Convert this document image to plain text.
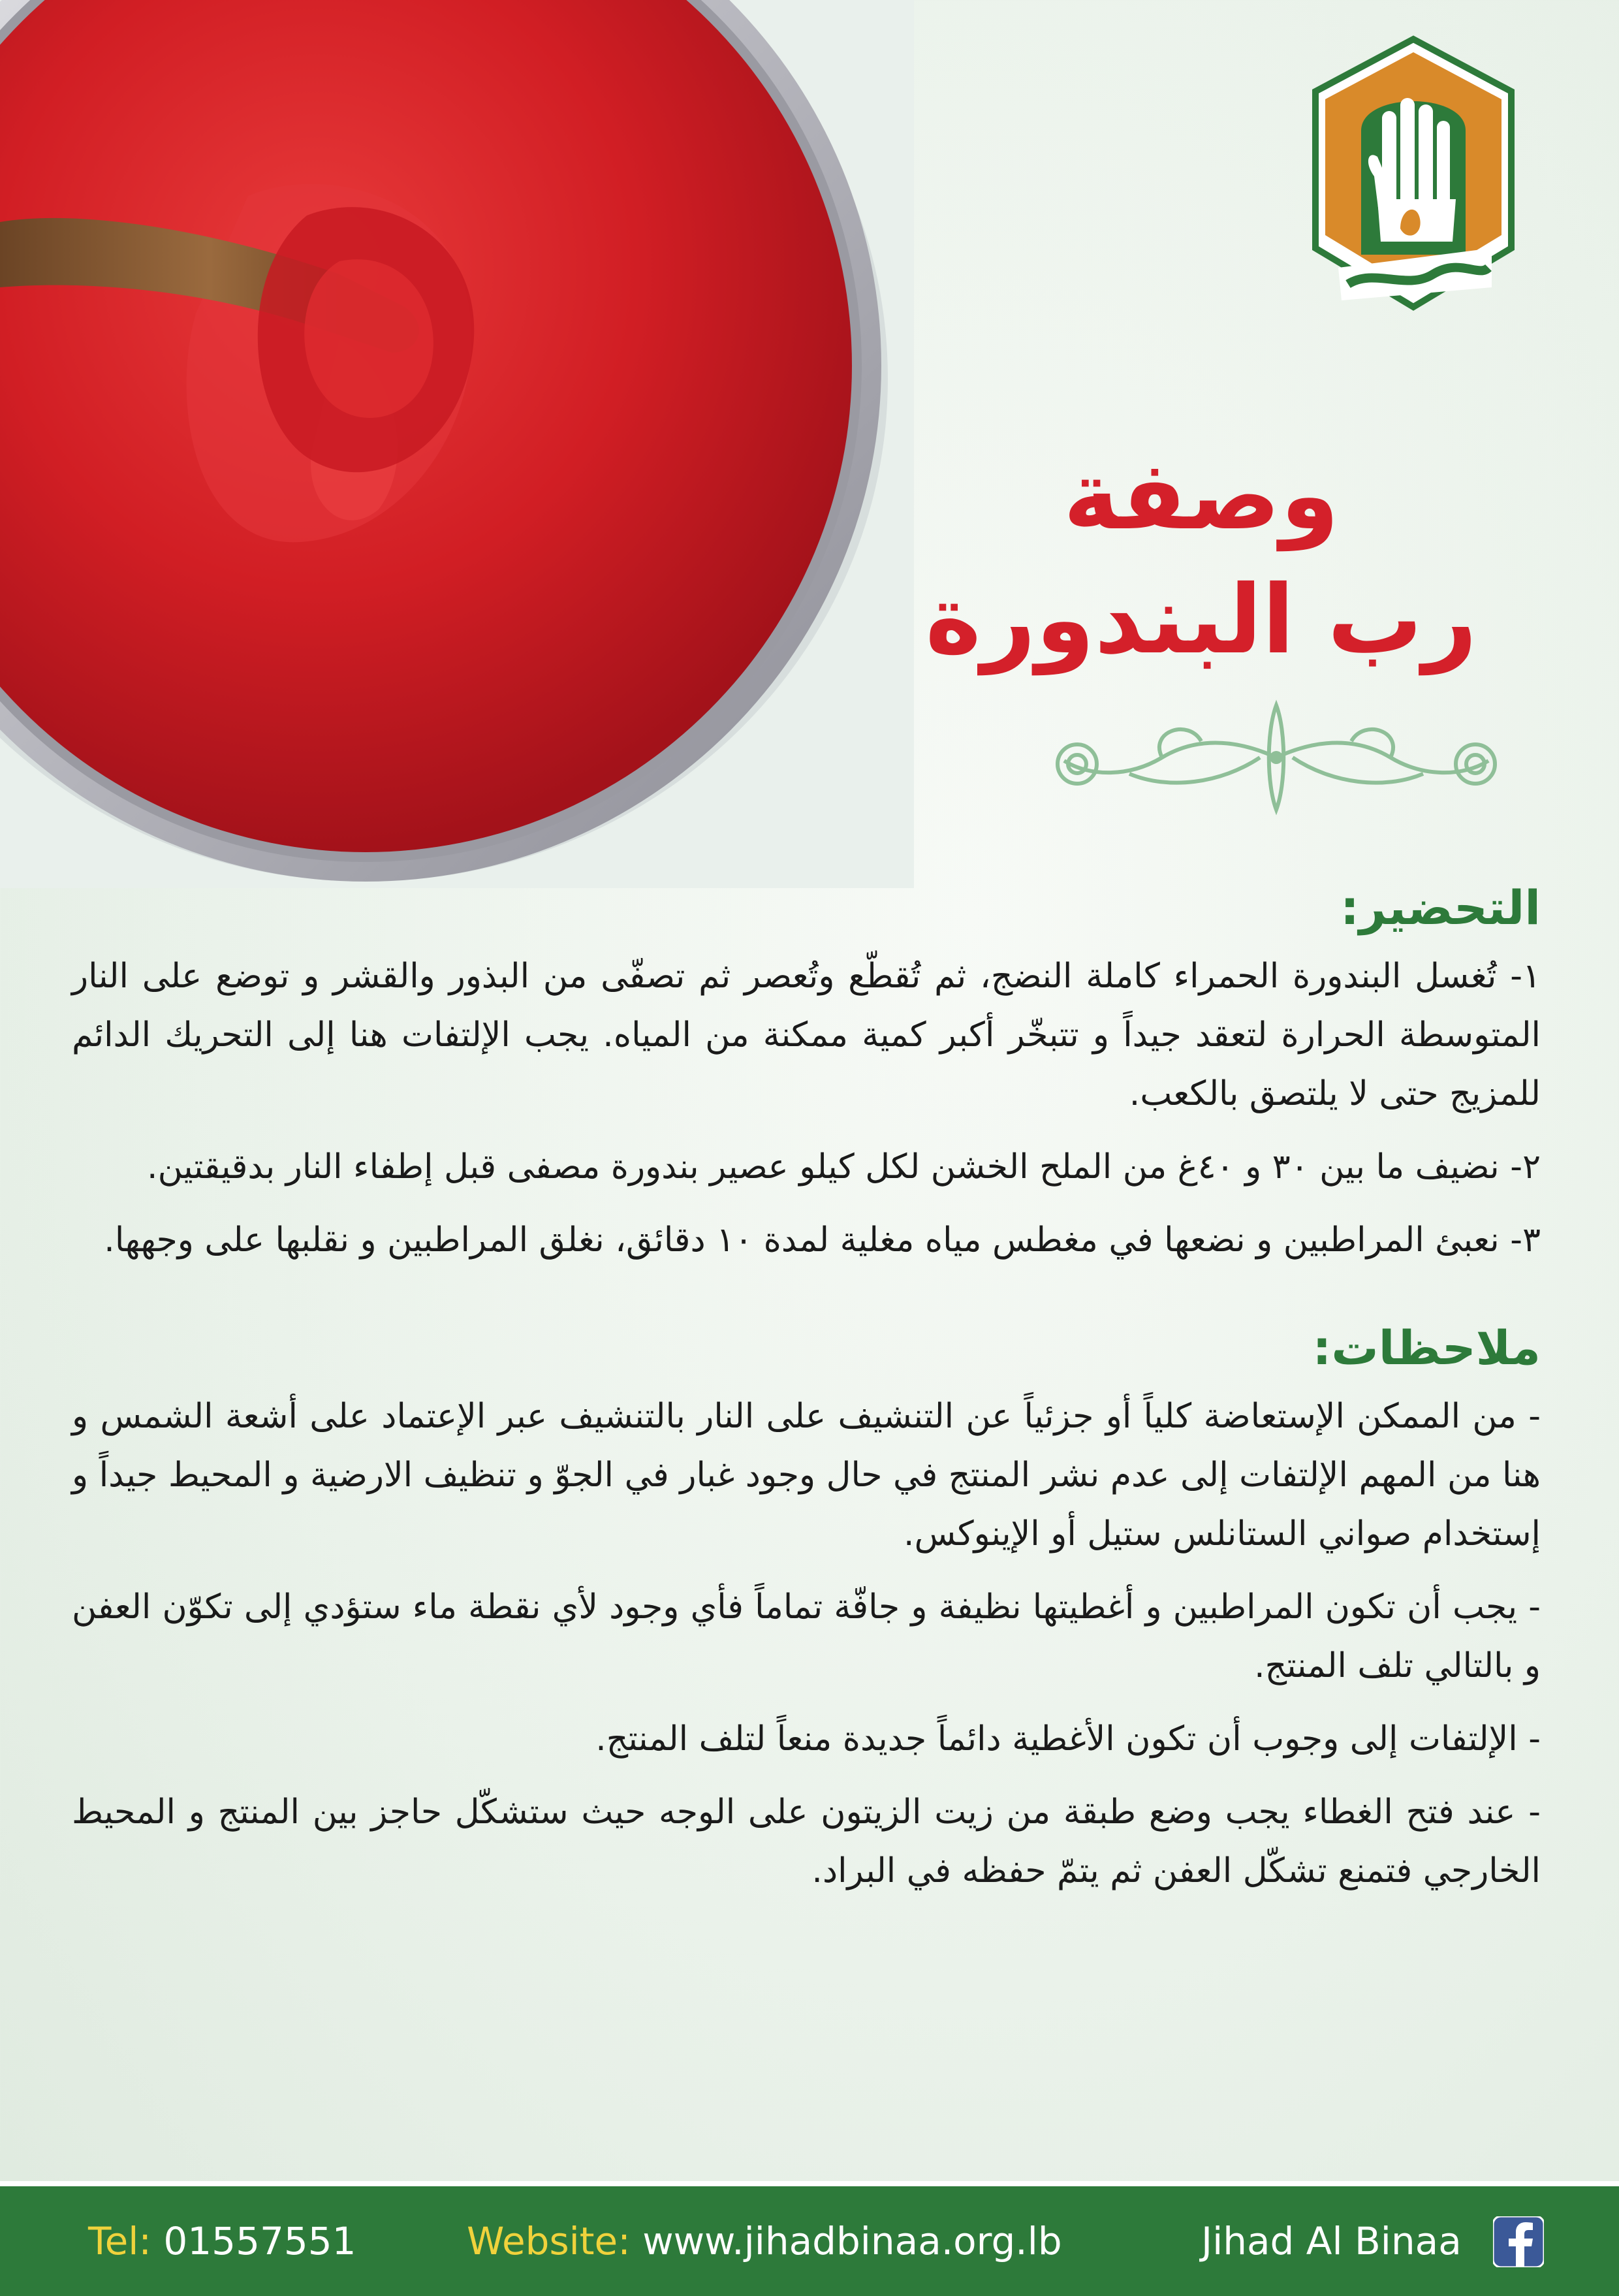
وصفة
رب البندورة
التحضير:

١- تُغسل البندورة الحمراء كاملة النضج، ثم تُقطّع وتُعصر ثم تصفّى من البذور والقشر و توضع على النار المتوسطة الحرارة لتعقد جيداً و تتبخّر أكبر كمية ممكنة من المياه. يجب الإلتفات هنا إلى التحريك الدائم للمزيج حتى لا يلتصق بالكعب.

٢- نضيف ما بين ٣٠ و ٤٠غ من الملح الخشن لكل كيلو عصير بندورة مصفى قبل إطفاء النار بدقيقتين.

٣- نعبئ المراطبين و نضعها في مغطس مياه مغلية لمدة ١٠ دقائق، نغلق المراطبين و نقلبها على وجهها.

ملاحظات:

- من الممكن الإستعاضة كلياً أو جزئياً عن التنشيف على النار بالتنشيف عبر الإعتماد على أشعة الشمس و هنا من المهم الإلتفات إلى عدم نشر المنتج في حال وجود غبار في الجوّ و تنظيف الارضية و المحيط جيداً و إستخدام صواني الستانلس ستيل أو الإينوكس.

- يجب أن تكون المراطبين و أغطيتها نظيفة و جافّة تماماً فأي وجود لأي نقطة ماء ستؤدي إلى تكوّن العفن و بالتالي تلف المنتج.

- الإلتفات إلى وجوب أن تكون الأغطية دائماً جديدة منعاً لتلف المنتج.

- عند فتح الغطاء يجب وضع طبقة من زيت الزيتون على الوجه حيث ستشكّل حاجز بين المنتج و المحيط الخارجي فتمنع تشكّل العفن ثم يتمّ حفظه في البراد.

Tel: 01557551	Website: www.jihadbinaa.org.lb	Jihad Al Binaa
